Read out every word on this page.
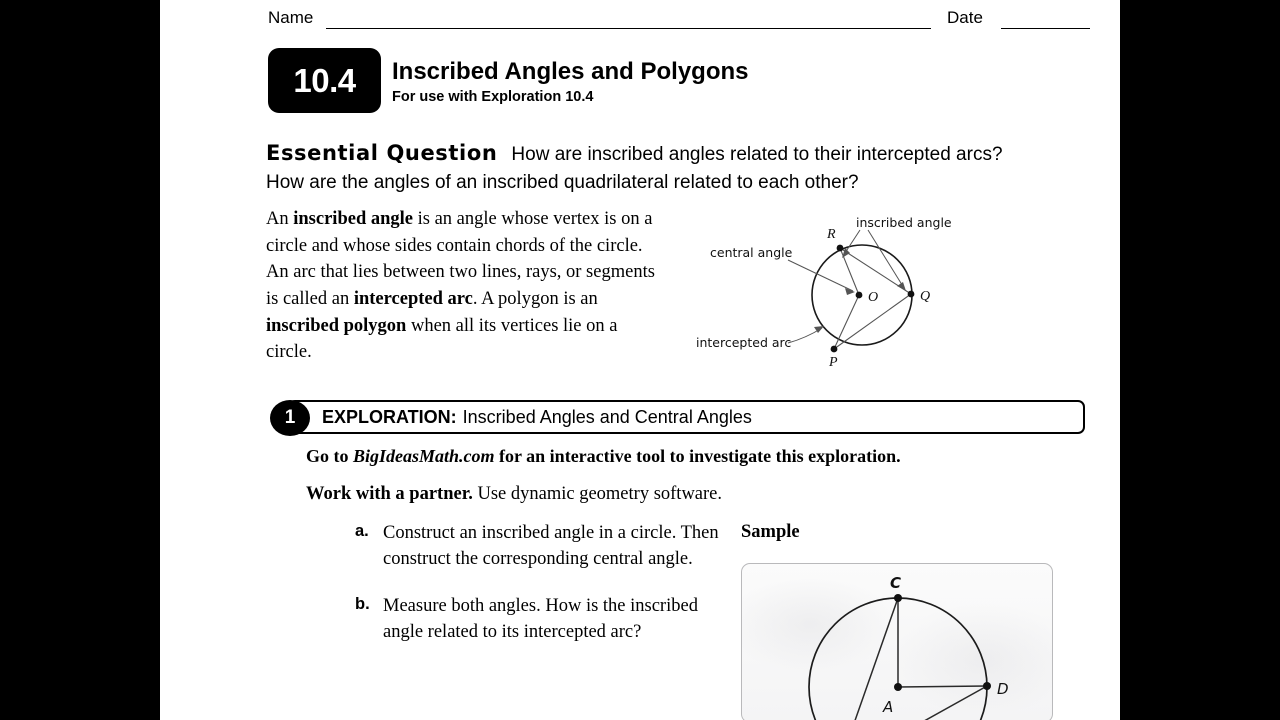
Name	Date
10.4	Inscribed Angles and Polygons
For use with Exploration 10.4
Essential Question How are inscribed angles related to their intercepted arcs? How are the angles of an inscribed quadrilateral related to each other?
An inscribed angle is an angle whose vertex is on a circle and whose sides contain chords of the circle. An arc that lies between two lines, rays, or segments is called an intercepted arc. A polygon is an inscribed polygon when all its vertices lie on a circle.
R
O	Q
P
central angle
inscribed angle
intercepted arc
1	EXPLORATION: Inscribed Angles and Central Angles
Go to BigIdeasMath.com for an interactive tool to investigate this exploration.
Work with a partner. Use dynamic geometry software.
a. Construct an inscribed angle in a circle. Then construct the corresponding central angle.
b. Measure both angles. How is the inscribed angle related to its intercepted arc?
Sample
C
A
D
